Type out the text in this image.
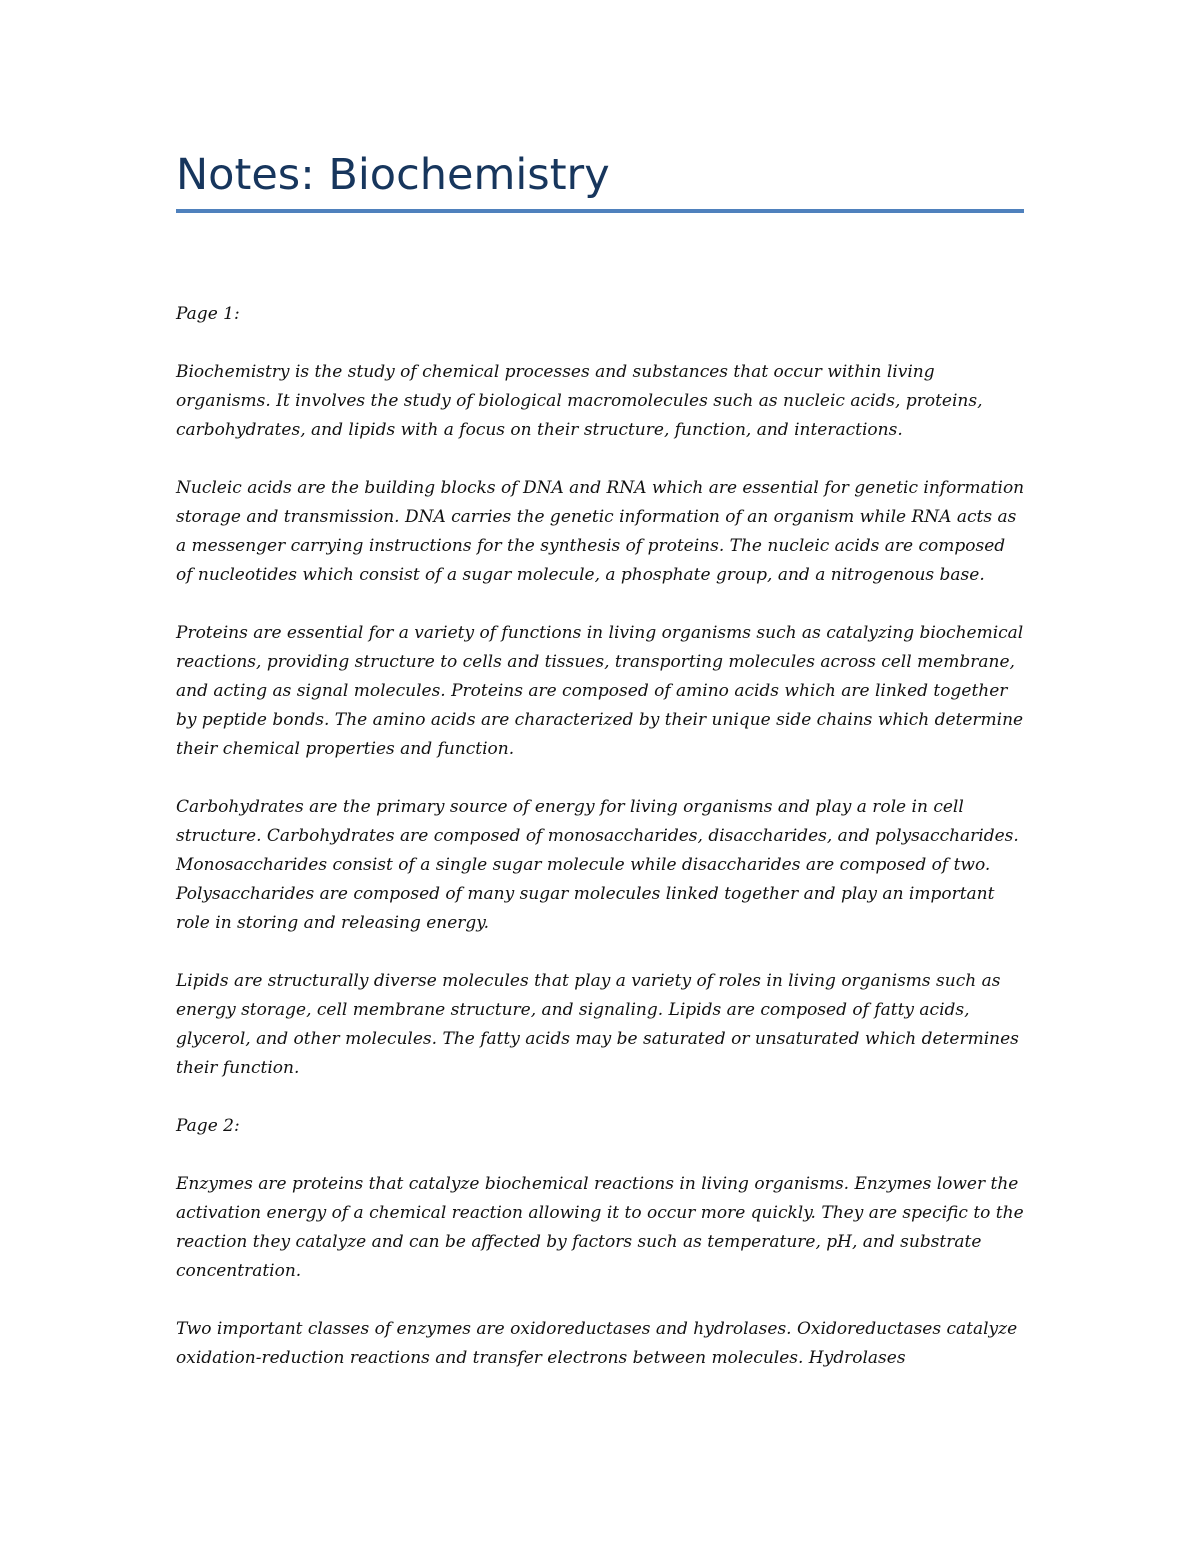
Notes: Biochemistry

Page 1:

Biochemistry is the study of chemical processes and substances that occur within living organisms. It involves the study of biological macromolecules such as nucleic acids, proteins, carbohydrates, and lipids with a focus on their structure, function, and interactions.

Nucleic acids are the building blocks of DNA and RNA which are essential for genetic information storage and transmission. DNA carries the genetic information of an organism while RNA acts as a messenger carrying instructions for the synthesis of proteins. The nucleic acids are composed of nucleotides which consist of a sugar molecule, a phosphate group, and a nitrogenous base.

Proteins are essential for a variety of functions in living organisms such as catalyzing biochemical reactions, providing structure to cells and tissues, transporting molecules across cell membrane, and acting as signal molecules. Proteins are composed of amino acids which are linked together by peptide bonds. The amino acids are characterized by their unique side chains which determine their chemical properties and function.

Carbohydrates are the primary source of energy for living organisms and play a role in cell structure. Carbohydrates are composed of monosaccharides, disaccharides, and polysaccharides. Monosaccharides consist of a single sugar molecule while disaccharides are composed of two. Polysaccharides are composed of many sugar molecules linked together and play an important role in storing and releasing energy.

Lipids are structurally diverse molecules that play a variety of roles in living organisms such as energy storage, cell membrane structure, and signaling. Lipids are composed of fatty acids, glycerol, and other molecules. The fatty acids may be saturated or unsaturated which determines their function.

Page 2:

Enzymes are proteins that catalyze biochemical reactions in living organisms. Enzymes lower the activation energy of a chemical reaction allowing it to occur more quickly. They are specific to the reaction they catalyze and can be affected by factors such as temperature, pH, and substrate concentration.

Two important classes of enzymes are oxidoreductases and hydrolases. Oxidoreductases catalyze oxidation-reduction reactions and transfer electrons between molecules. Hydrolases
